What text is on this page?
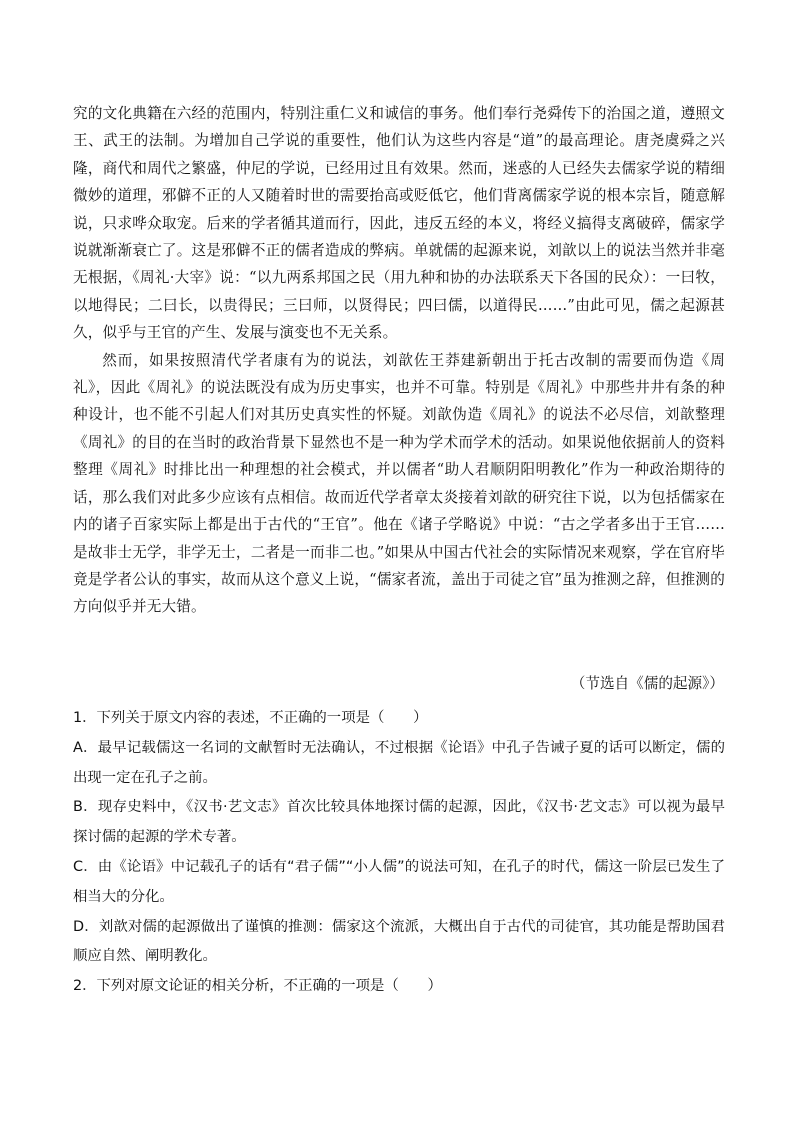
究的文化典籍在六经的范围内，特别注重仁义和诚信的事务。他们奉行尧舜传下的治国之道，遵照文王、武王的法制。为增加自己学说的重要性，他们认为这些内容是“道”的最高理论。唐尧虞舜之兴隆，商代和周代之繁盛，仲尼的学说，已经用过且有效果。然而，迷惑的人已经失去儒家学说的精细微妙的道理，邪僻不正的人又随着时世的需要抬高或贬低它，他们背离儒家学说的根本宗旨，随意解说，只求哗众取宠。后来的学者循其道而行，因此，违反五经的本义，将经义搞得支离破碎，儒家学说就渐渐衰亡了。这是邪僻不正的儒者造成的弊病。单就儒的起源来说，刘歆以上的说法当然并非毫无根据，《周礼·大宰》说：“以九两系邦国之民（用九种和协的办法联系天下各国的民众）：一曰牧，以地得民；二曰长，以贵得民；三曰师，以贤得民；四曰儒，以道得民……”由此可见，儒之起源甚久，似乎与王官的产生、发展与演变也不无关系。

然而，如果按照清代学者康有为的说法，刘歆佐王莽建新朝出于托古改制的需要而伪造《周礼》，因此《周礼》的说法既没有成为历史事实，也并不可靠。特别是《周礼》中那些井井有条的种种设计，也不能不引起人们对其历史真实性的怀疑。刘歆伪造《周礼》的说法不必尽信，刘歆整理《周礼》的目的在当时的政治背景下显然也不是一种为学术而学术的活动。如果说他依据前人的资料整理《周礼》时排比出一种理想的社会模式，并以儒者“助人君顺阴阳明教化”作为一种政治期待的话，那么我们对此多少应该有点相信。故而近代学者章太炎接着刘歆的研究往下说，以为包括儒家在内的诸子百家实际上都是出于古代的“王官”。他在《诸子学略说》中说：“古之学者多出于王官……是故非士无学，非学无士，二者是一而非二也。”如果从中国古代社会的实际情况来观察，学在官府毕竟是学者公认的事实，故而从这个意义上说，“儒家者流，盖出于司徒之官”虽为推测之辞，但推测的方向似乎并无大错。

（节选自《儒的起源》）

1．下列关于原文内容的表述，不正确的一项是（　　）

A．最早记载儒这一名词的文献暂时无法确认，不过根据《论语》中孔子告诫子夏的话可以断定，儒的出现一定在孔子之前。

B．现存史料中，《汉书·艺文志》首次比较具体地探讨儒的起源，因此，《汉书·艺文志》可以视为最早探讨儒的起源的学术专著。

C．由《论语》中记载孔子的话有“君子儒”“小人儒”的说法可知，在孔子的时代，儒这一阶层已发生了相当大的分化。

D．刘歆对儒的起源做出了谨慎的推测：儒家这个流派，大概出自于古代的司徒官，其功能是帮助国君顺应自然、阐明教化。

2．下列对原文论证的相关分析，不正确的一项是（　　）
